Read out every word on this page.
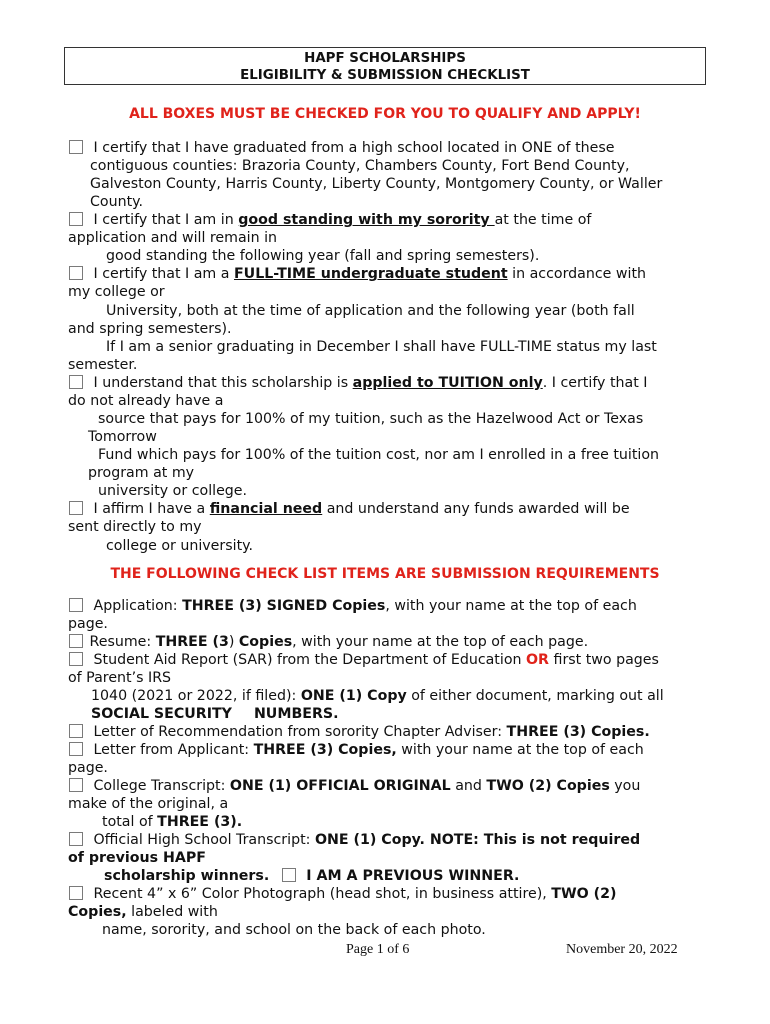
HAPF SCHOLARSHIPS
ELIGIBILITY & SUBMISSION CHECKLIST
ALL BOXES MUST BE CHECKED FOR YOU TO QUALIFY AND APPLY!
I certify that I have graduated from a high school located in ONE of these
contiguous counties: Brazoria County, Chambers County, Fort Bend County,
Galveston County, Harris County, Liberty County, Montgomery County, or Waller
County.
I certify that I am in good standing with my sorority at the time of
application and will remain in
good standing the following year (fall and spring semesters).
I certify that I am a FULL-TIME undergraduate student in accordance with
my college or
University, both at the time of application and the following year (both fall
and spring semesters).
If I am a senior graduating in December I shall have FULL-TIME status my last
semester.
I understand that this scholarship is applied to TUITION only. I certify that I
do not already have a
source that pays for 100% of my tuition, such as the Hazelwood Act or Texas
Tomorrow
Fund which pays for 100% of the tuition cost, nor am I enrolled in a free tuition
program at my
university or college.
I affirm I have a financial need and understand any funds awarded will be
sent directly to my
college or university.
THE FOLLOWING CHECK LIST ITEMS ARE SUBMISSION REQUIREMENTS
Application: THREE (3) SIGNED Copies, with your name at the top of each
page.
Resume: THREE (3) Copies, with your name at the top of each page.
Student Aid Report (SAR) from the Department of Education OR first two pages
of Parent’s IRS
1040 (2021 or 2022, if filed): ONE (1) Copy of either document, marking out all
SOCIAL SECURITY NUMBERS.
Letter of Recommendation from sorority Chapter Adviser: THREE (3) Copies.
Letter from Applicant: THREE (3) Copies, with your name at the top of each
page.
College Transcript: ONE (1) OFFICIAL ORIGINAL and TWO (2) Copies you
make of the original, a
total of THREE (3).
Official High School Transcript: ONE (1) Copy. NOTE: This is not required
of previous HAPF
scholarship winners.	I AM A PREVIOUS WINNER.
Recent 4” x 6” Color Photograph (head shot, in business attire), TWO (2)
Copies, labeled with
name, sorority, and school on the back of each photo.
Page 1 of 6	November 20, 2022
